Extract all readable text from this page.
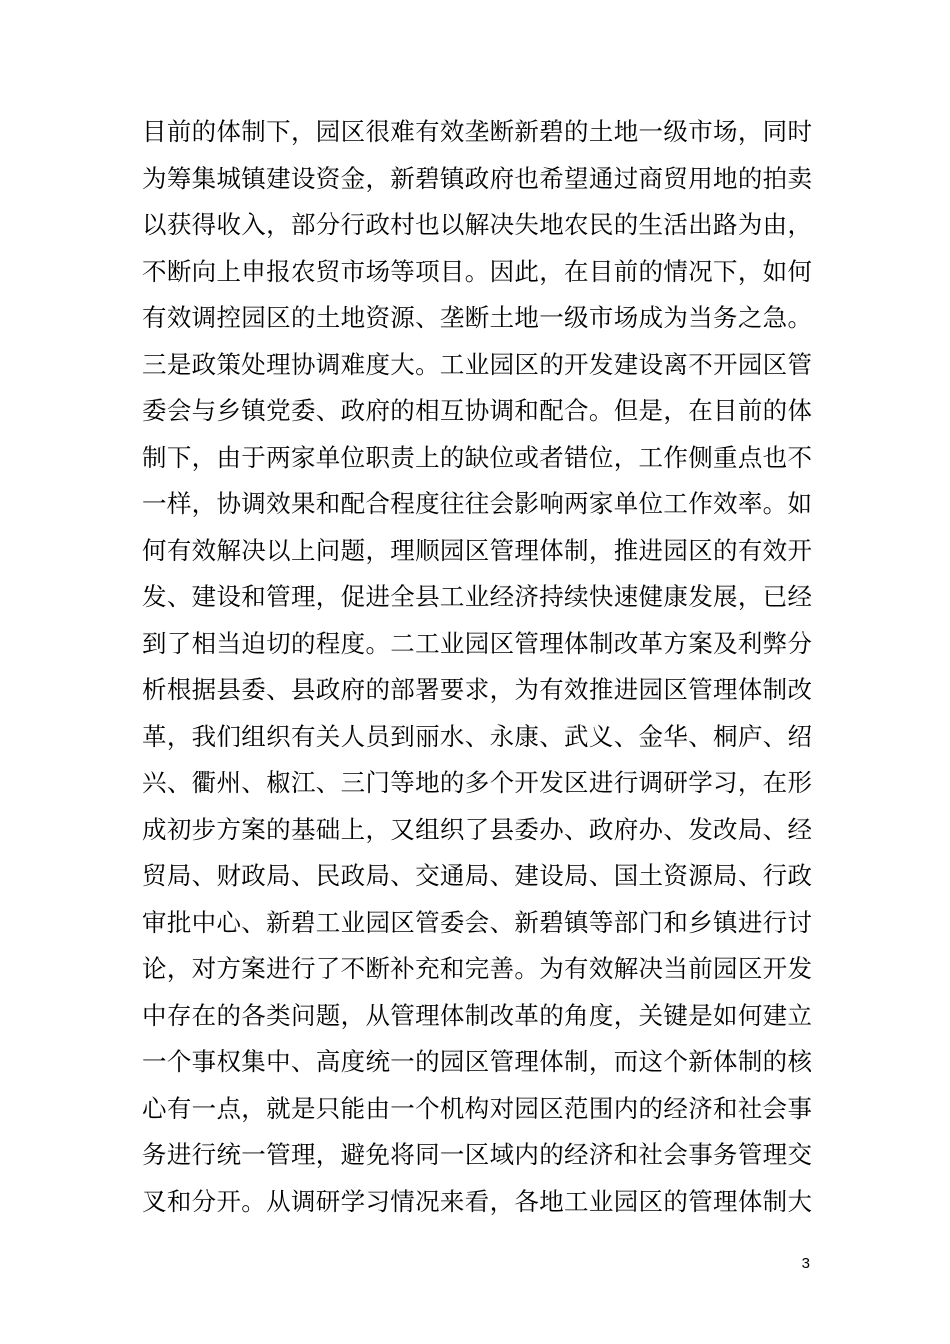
目前的体制下，园区很难有效垄断新碧的土地一级市场，同时
为筹集城镇建设资金，新碧镇政府也希望通过商贸用地的拍卖
以获得收入，部分行政村也以解决失地农民的生活出路为由，
不断向上申报农贸市场等项目。因此，在目前的情况下，如何
有效调控园区的土地资源、垄断土地一级市场成为当务之急。
三是政策处理协调难度大。工业园区的开发建设离不开园区管
委会与乡镇党委、政府的相互协调和配合。但是，在目前的体
制下，由于两家单位职责上的缺位或者错位，工作侧重点也不
一样，协调效果和配合程度往往会影响两家单位工作效率。如
何有效解决以上问题，理顺园区管理体制，推进园区的有效开
发、建设和管理，促进全县工业经济持续快速健康发展，已经
到了相当迫切的程度。二工业园区管理体制改革方案及利弊分
析根据县委、县政府的部署要求，为有效推进园区管理体制改
革，我们组织有关人员到丽水、永康、武义、金华、桐庐、绍
兴、衢州、椒江、三门等地的多个开发区进行调研学习，在形
成初步方案的基础上，又组织了县委办、政府办、发改局、经
贸局、财政局、民政局、交通局、建设局、国土资源局、行政
审批中心、新碧工业园区管委会、新碧镇等部门和乡镇进行讨
论，对方案进行了不断补充和完善。为有效解决当前园区开发
中存在的各类问题，从管理体制改革的角度，关键是如何建立
一个事权集中、高度统一的园区管理体制，而这个新体制的核
心有一点，就是只能由一个机构对园区范围内的经济和社会事
务进行统一管理，避免将同一区域内的经济和社会事务管理交
叉和分开。从调研学习情况来看，各地工业园区的管理体制大
3
